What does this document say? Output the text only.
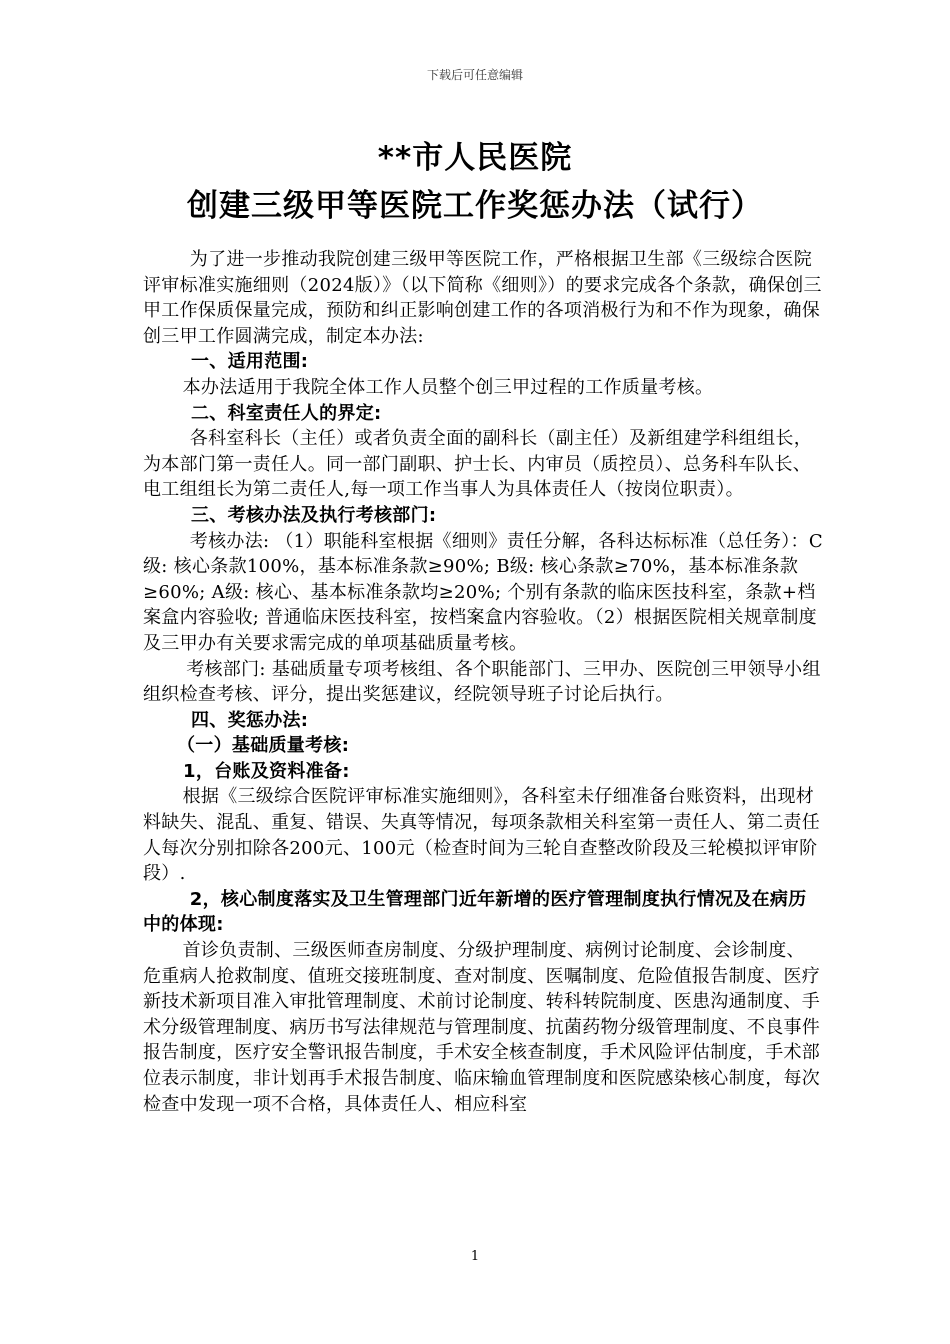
下载后可任意编辑
**市人民医院
创建三级甲等医院工作奖惩办法（试行）

为了进一步推动我院创建三级甲等医院工作，严格根据卫生部《三级综合医院评审标准实施细则（2024版）》（以下简称《细则》）的要求完成各个条款，确保创三甲工作保质保量完成，预防和纠正影响创建工作的各项消极行为和不作为现象，确保创三甲工作圆满完成，制定本办法:

一、适用范围:

本办法适用于我院全体工作人员整个创三甲过程的工作质量考核。

二、科室责任人的界定:

各科室科长（主任）或者负责全面的副科长（副主任）及新组建学科组组长，为本部门第一责任人。同一部门副职、护士长、内审员（质控员）、总务科车队长、电工组组长为第二责任人,每一项工作当事人为具体责任人（按岗位职责）。

三、考核办法及执行考核部门:

考核办法: （1）职能科室根据《细则》责任分解，各科达标标准（总任务）：C级: 核心条款100%，基本标准条款≥90%; B级: 核心条款≥70%，基本标准条款≥60%; A级: 核心、基本标准条款均≥20%; 个别有条款的临床医技科室，条款+档案盒内容验收; 普通临床医技科室，按档案盒内容验收。（2）根据医院相关规章制度及三甲办有关要求需完成的单项基础质量考核。

考核部门: 基础质量专项考核组、各个职能部门、三甲办、医院创三甲领导小组组织检查考核、评分，提出奖惩建议，经院领导班子讨论后执行。

四、奖惩办法:

（一）基础质量考核:

1，台账及资料准备:

根据《三级综合医院评审标准实施细则》，各科室未仔细准备台账资料，出现材料缺失、混乱、重复、错误、失真等情况，每项条款相关科室第一责任人、第二责任人每次分别扣除各200元、100元（检查时间为三轮自查整改阶段及三轮模拟评审阶段）.

2，核心制度落实及卫生管理部门近年新增的医疗管理制度执行情况及在病历中的体现:

首诊负责制、三级医师查房制度、分级护理制度、病例讨论制度、会诊制度、危重病人抢救制度、值班交接班制度、查对制度、医嘱制度、危险值报告制度、医疗新技术新项目准入审批管理制度、术前讨论制度、转科转院制度、医患沟通制度、手术分级管理制度、病历书写法律规范与管理制度、抗菌药物分级管理制度、不良事件报告制度，医疗安全警讯报告制度，手术安全核查制度，手术风险评估制度，手术部位表示制度，非计划再手术报告制度、临床输血管理制度和医院感染核心制度，每次检查中发现一项不合格，具体责任人、相应科室

1
